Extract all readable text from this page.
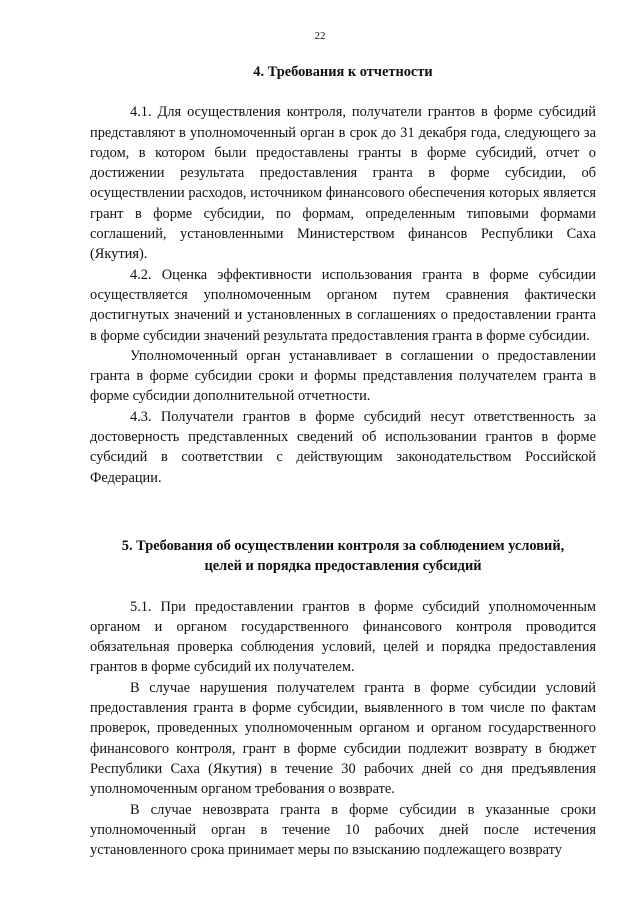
22
4. Требования к отчетности

4.1. Для осуществления контроля, получатели грантов в форме субсидий представляют в уполномоченный орган в срок до 31 декабря года, следующего за годом, в котором были предоставлены гранты в форме субсидий, отчет о достижении результата предоставления гранта в форме субсидии, об осуществлении расходов, источником финансового обеспечения которых является грант в форме субсидии, по формам, определенным типовыми формами соглашений, установленными Министерством финансов Республики Саха (Якутия).

4.2. Оценка эффективности использования гранта в форме субсидии осуществляется уполномоченным органом путем сравнения фактически достигнутых значений и установленных в соглашениях о предоставлении гранта в форме субсидии значений результата предоставления гранта в форме субсидии.

Уполномоченный орган устанавливает в соглашении о предоставлении гранта в форме субсидии сроки и формы представления получателем гранта в форме субсидии дополнительной отчетности.

4.3. Получатели грантов в форме субсидий несут ответственность за достоверность представленных сведений об использовании грантов в форме субсидий в соответствии с действующим законодательством Российской Федерации.

5. Требования об осуществлении контроля за соблюдением условий,
целей и порядка предоставления субсидий

5.1. При предоставлении грантов в форме субсидий уполномоченным органом и органом государственного финансового контроля проводится обязательная проверка соблюдения условий, целей и порядка предоставления грантов в форме субсидий их получателем.

В случае нарушения получателем гранта в форме субсидии условий предоставления гранта в форме субсидии, выявленного в том числе по фактам проверок, проведенных уполномоченным органом и органом государственного финансового контроля, грант в форме субсидии подлежит возврату в бюджет Республики Саха (Якутия) в течение 30 рабочих дней со дня предъявления уполномоченным органом требования о возврате.

В случае невозврата гранта в форме субсидии в указанные сроки уполномоченный орган в течение 10 рабочих дней после истечения установленного срока принимает меры по взысканию подлежащего возврату
